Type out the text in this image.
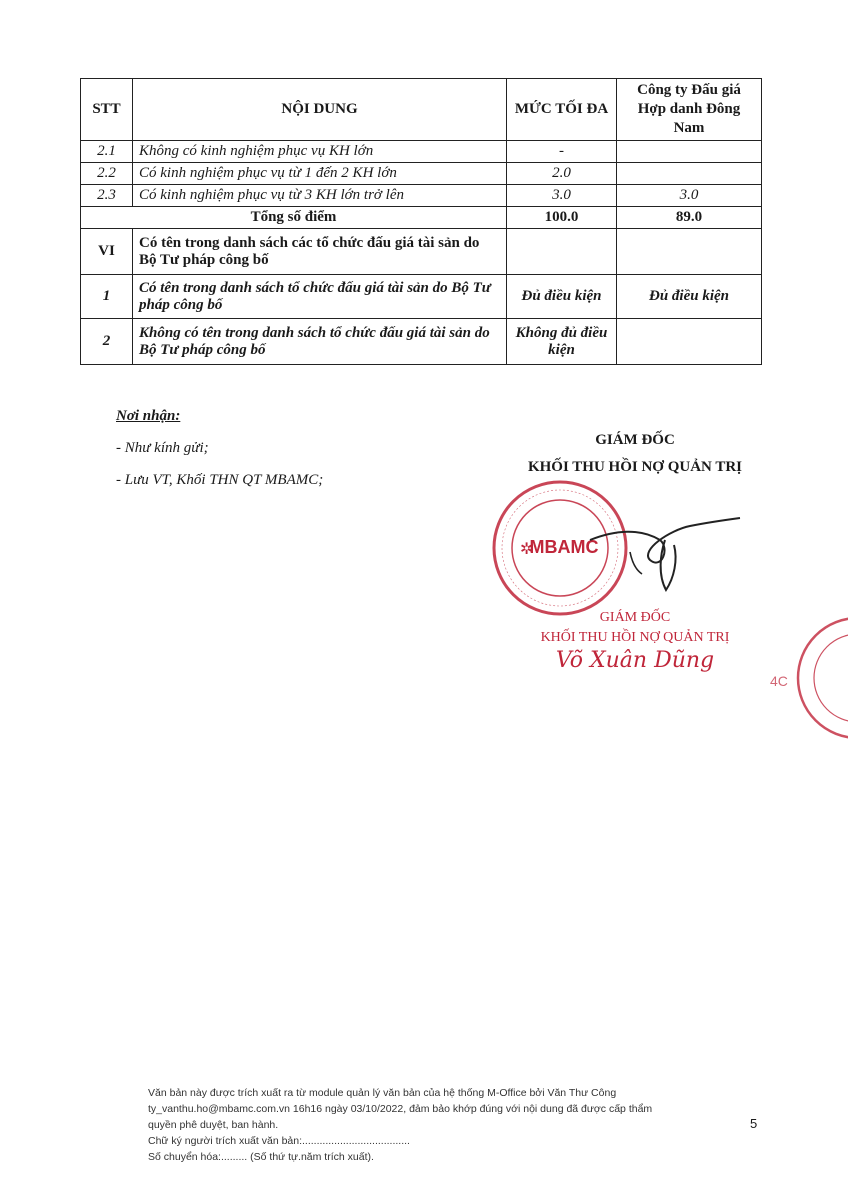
STT	NỘI DUNG	MỨC TỐI ĐA	Công ty Đấu giá Hợp danh Đông Nam
2.1	Không có kinh nghiệm phục vụ KH lớn	-	
2.2	Có kinh nghiệm phục vụ từ 1 đến 2 KH lớn	2.0	
2.3	Có kinh nghiệm phục vụ từ 3 KH lớn trở lên	3.0	3.0
Tổng số điểm		100.0	89.0
VI	Có tên trong danh sách các tổ chức đấu giá tài sản do Bộ Tư pháp công bố		
1	Có tên trong danh sách tổ chức đấu giá tài sản do Bộ Tư pháp công bố	Đủ điều kiện	Đủ điều kiện
2	Không có tên trong danh sách tổ chức đấu giá tài sản do Bộ Tư pháp công bố	Không đủ điều kiện	
Nơi nhận:
- Như kính gửi;
- Lưu VT, Khối THN QT MBAMC;
GIÁM ĐỐC
KHỐI THU HỒI NỢ QUẢN TRỊ
MBAMC
✲
GIÁM ĐỐC
KHỐI THU HỒI NỢ QUẢN TRỊ
Võ Xuân Dũng
4C
Văn bản này được trích xuất ra từ module quản lý văn bản của hệ thống M-Office bởi Văn Thư Công
ty_vanthu.ho@mbamc.com.vn 16h16 ngày 03/10/2022, đảm bảo khớp đúng với nội dung đã được cấp thẩm
quyền phê duyệt, ban hành.
Chữ ký người trích xuất văn bản:.....................................
Số chuyển hóa:......... (Số thứ tự.năm trích xuất).
5
